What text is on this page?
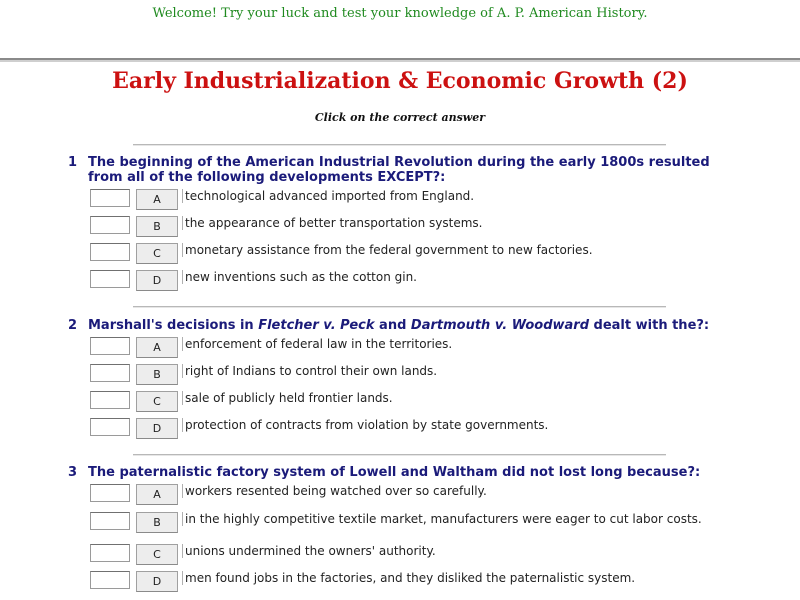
Welcome! Try your luck and test your knowledge of A. P. American History.
Early Industrialization & Economic Growth (2)
Click on the correct answer
1 The beginning of the American Industrial Revolution during the early 1800s resulted from all of the following developments EXCEPT?:
A	technological advanced imported from England.
B	the appearance of better transportation systems.
C	monetary assistance from the federal government to new factories.
D	new inventions such as the cotton gin.
2 Marshall's decisions in Fletcher v. Peck and Dartmouth v. Woodward dealt with the?:
A	enforcement of federal law in the territories.
B	right of Indians to control their own lands.
C	sale of publicly held frontier lands.
D	protection of contracts from violation by state governments.
3 The paternalistic factory system of Lowell and Waltham did not lost long because?:
A	workers resented being watched over so carefully.
B	in the highly competitive textile market, manufacturers were eager to cut labor costs.
C	unions undermined the owners' authority.
D	men found jobs in the factories, and they disliked the paternalistic system.
